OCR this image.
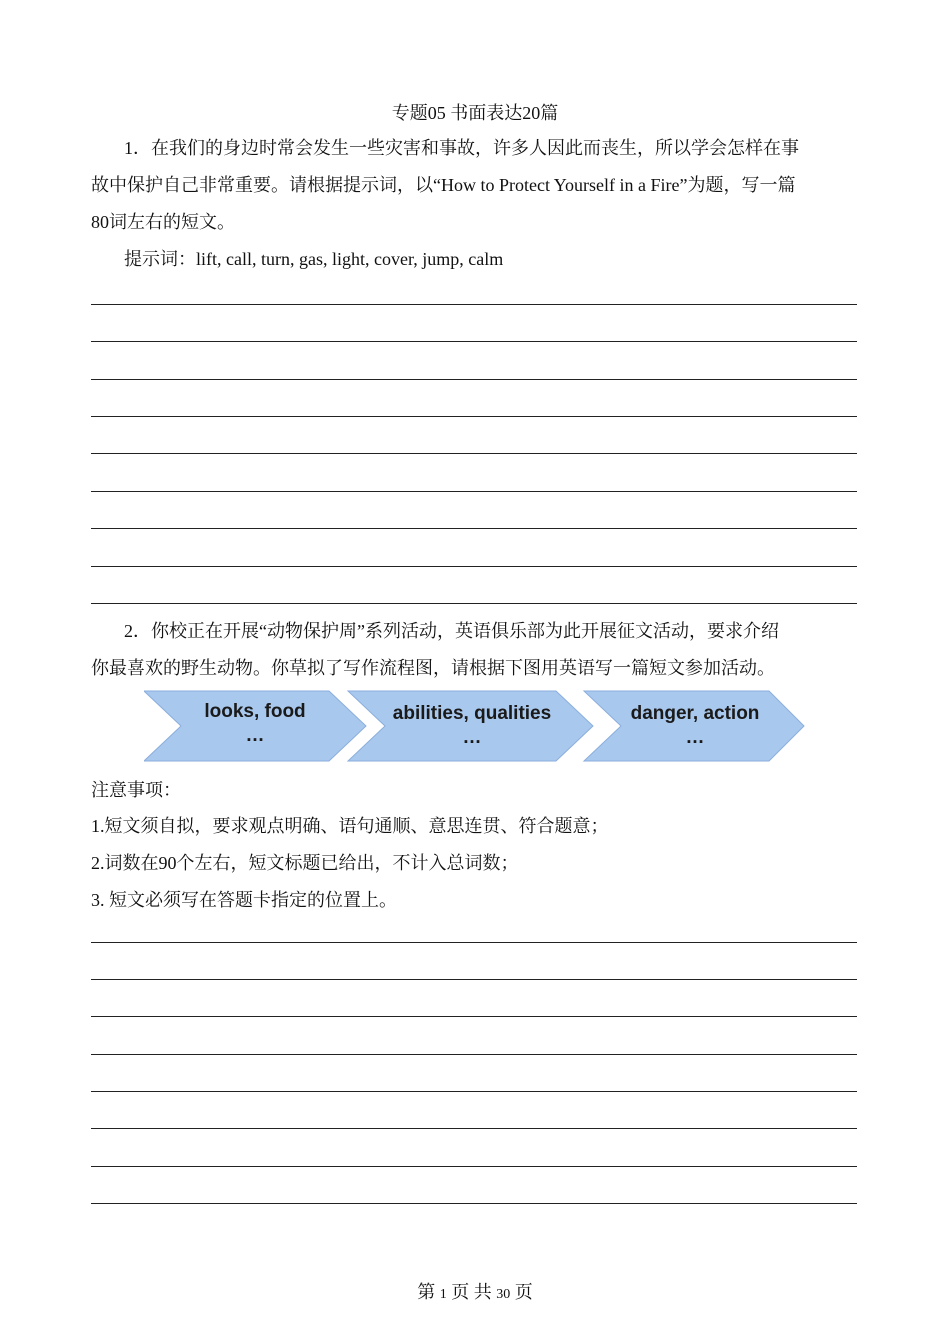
专题05 书面表达20篇

1．在我们的身边时常会发生一些灾害和事故，许多人因此而丧生，所以学会怎样在事

故中保护自己非常重要。请根据提示词，以“How to Protect Yourself in a Fire”为题，写一篇

80词左右的短文。

提示词：lift, call, turn, gas, light, cover, jump, calm

2．你校正在开展“动物保护周”系列活动，英语俱乐部为此开展征文活动，要求介绍

你最喜欢的野生动物。你草拟了写作流程图，请根据下图用英语写一篇短文参加活动。

looks, food
…
abilities, qualities
…
danger, action
…

注意事项：

1.短文须自拟，要求观点明确、语句通顺、意思连贯、符合题意；

2.词数在90个左右，短文标题已给出，不计入总词数；

3. 短文必须写在答题卡指定的位置上。

第 1 页 共 30 页
